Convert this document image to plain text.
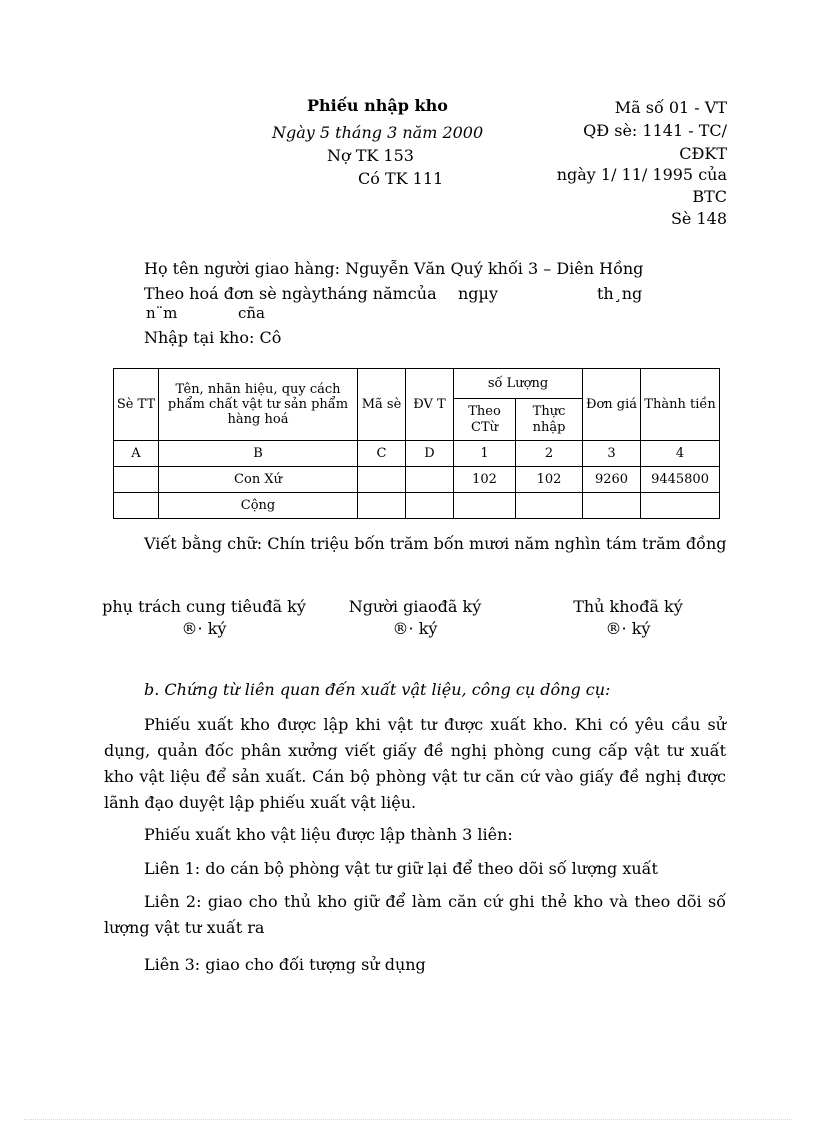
Phiếu nhập kho
Ngày 5 tháng 3 năm 2000
Nợ TK 153
Có TK 111
Mã số 01 - VT
QĐ sè: 1141 - TC/
CĐKT
ngày 1/ 11/ 1995 của
BTC
Sè 148
Họ tên người giao hàng: Nguyễn Văn Quý khối 3 – Diên Hồng
Theo hoá đơn sè ngàytháng nămcủa ngµy	th¸ng
n¨m	cña
Nhập tại kho: Cô
Sè TT	Tên, nhãn hiệu, quy cách phẩm chất vật tư sản phẩm hàng hoá	Mã sè	ĐV T	số Lượng		Đơn giá	Thành tiền
				Theo CTừ	Thực nhập		
A	B	C	D	1	2	3	4
	Con Xứ			102	102	9260	9445800
	Cộng						
Viết bằng chữ: Chín triệu bốn trăm bốn mươi năm nghìn tám trăm đồng
phụ trách cung tiêuđã ký
®· ký
Người giaođã ký
®· ký
Thủ khođã ký
®· ký
b. Chứng từ liên quan đến xuất vật liệu, công cụ dông cụ:
Phiếu xuất kho được lập khi vật tư được xuất kho. Khi có yêu cầu sử dụng, quản đốc phân xưởng viết giấy đề nghị phòng cung cấp vật tư xuất kho vật liệu để sản xuất. Cán bộ phòng vật tư căn cứ vào giấy đề nghị được lãnh đạo duyệt lập phiếu xuất vật liệu.
Phiếu xuất kho vật liệu được lập thành 3 liên:
Liên 1: do cán bộ phòng vật tư giữ lại để theo dõi số lượng xuất
Liên 2: giao cho thủ kho giữ để làm căn cứ ghi thẻ kho và theo dõi số lượng vật tư xuất ra
Liên 3: giao cho đối tượng sử dụng
